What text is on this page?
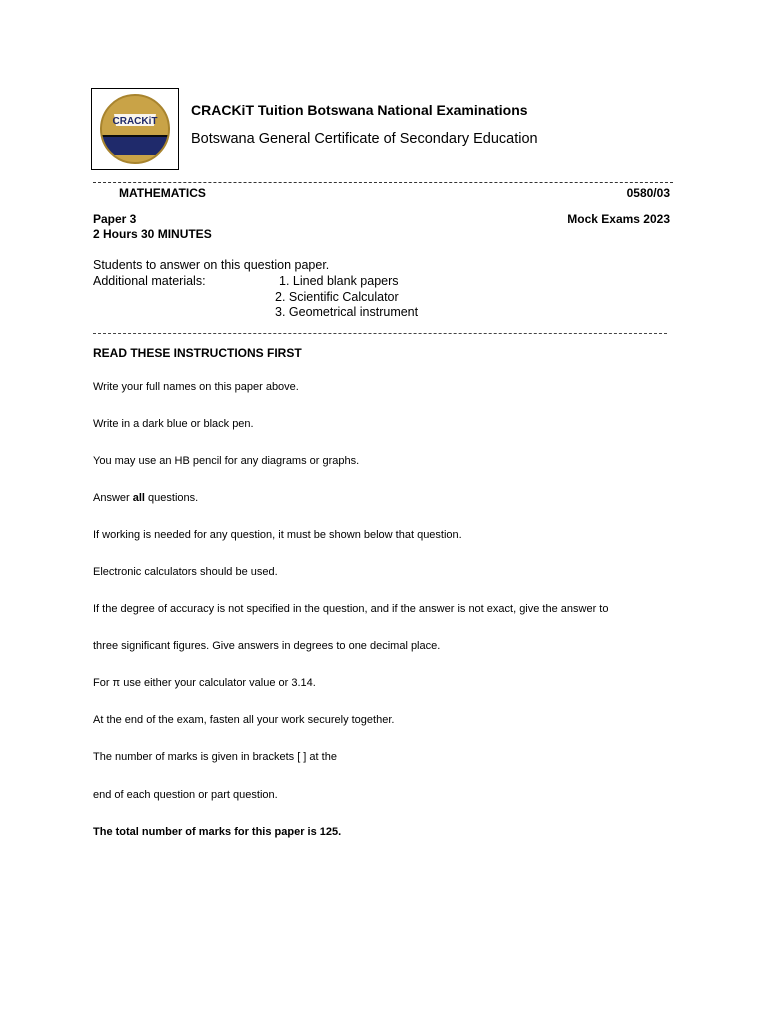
CRACKiT
CRACKiT Tuition Botswana National Examinations
Botswana General Certificate of Secondary Education
MATHEMATICS	0580/03
Paper 3	Mock Exams 2023
2 Hours 30 MINUTES
Students to answer on this question paper.
Additional materials:	1. Lined blank papers
2. Scientific Calculator
3. Geometrical instrument
READ THESE INSTRUCTIONS FIRST
Write your full names on this paper above.
Write in a dark blue or black pen.
You may use an HB pencil for any diagrams or graphs.
Answer all questions.
If working is needed for any question, it must be shown below that question.
Electronic calculators should be used.
If the degree of accuracy is not specified in the question, and if the answer is not exact, give the answer to
three significant figures. Give answers in degrees to one decimal place.
For π use either your calculator value or 3.14.
At the end of the exam, fasten all your work securely together.
The number of marks is given in brackets [ ] at the
end of each question or part question.
The total number of marks for this paper is 125.
